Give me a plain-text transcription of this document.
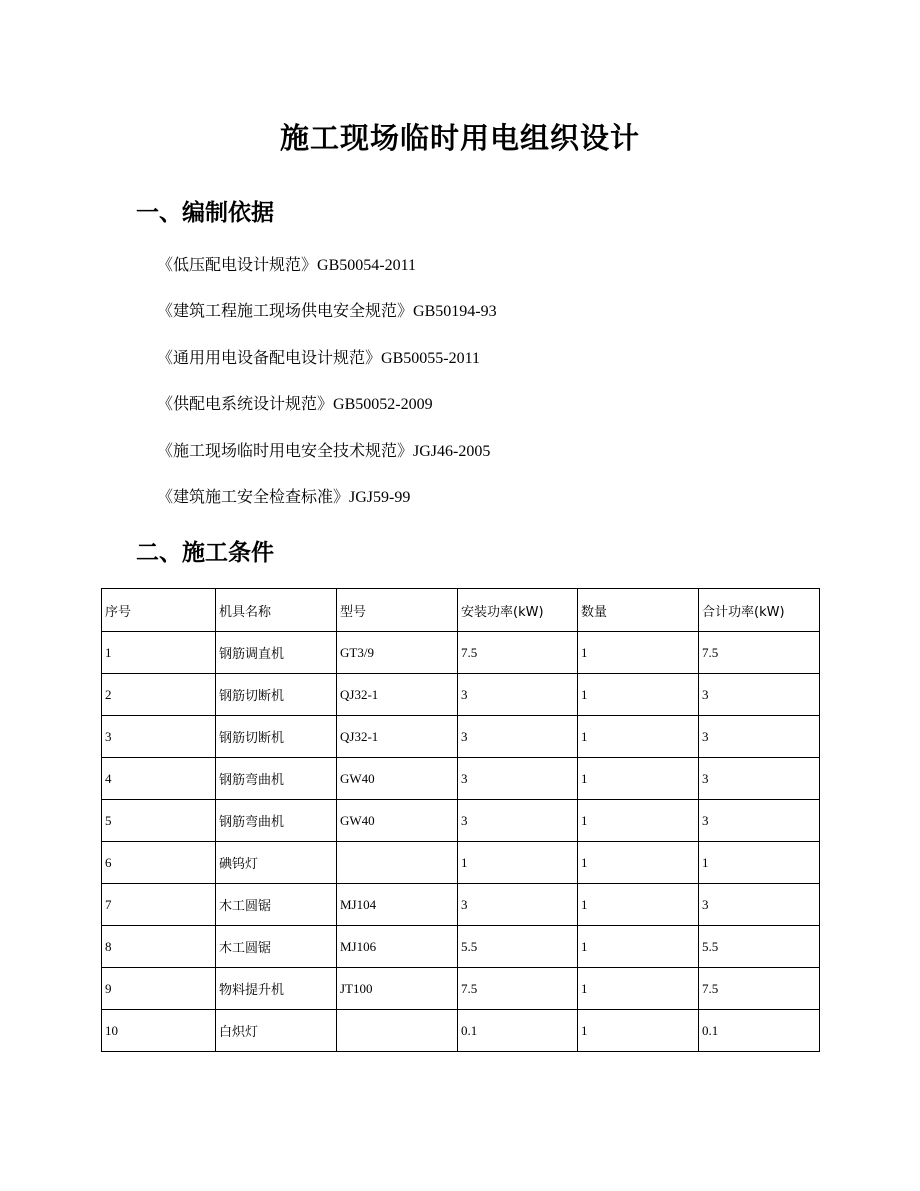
施工现场临时用电组织设计
一、编制依据
《低压配电设计规范》GB50054-2011
《建筑工程施工现场供电安全规范》GB50194-93
《通用用电设备配电设计规范》GB50055-2011
《供配电系统设计规范》GB50052-2009
《施工现场临时用电安全技术规范》JGJ46-2005
《建筑施工安全检查标准》JGJ59-99
二、施工条件
序号	机具名称	型号	安装功率(kW)	数量	合计功率(kW)
1	钢筋调直机	GT3/9	7.5	1	7.5
2	钢筋切断机	QJ32-1	3	1	3
3	钢筋切断机	QJ32-1	3	1	3
4	钢筋弯曲机	GW40	3	1	3
5	钢筋弯曲机	GW40	3	1	3
6	碘钨灯		1	1	1
7	木工圆锯	MJ104	3	1	3
8	木工圆锯	MJ106	5.5	1	5.5
9	物料提升机	JT100	7.5	1	7.5
10	白炽灯		0.1	1	0.1
